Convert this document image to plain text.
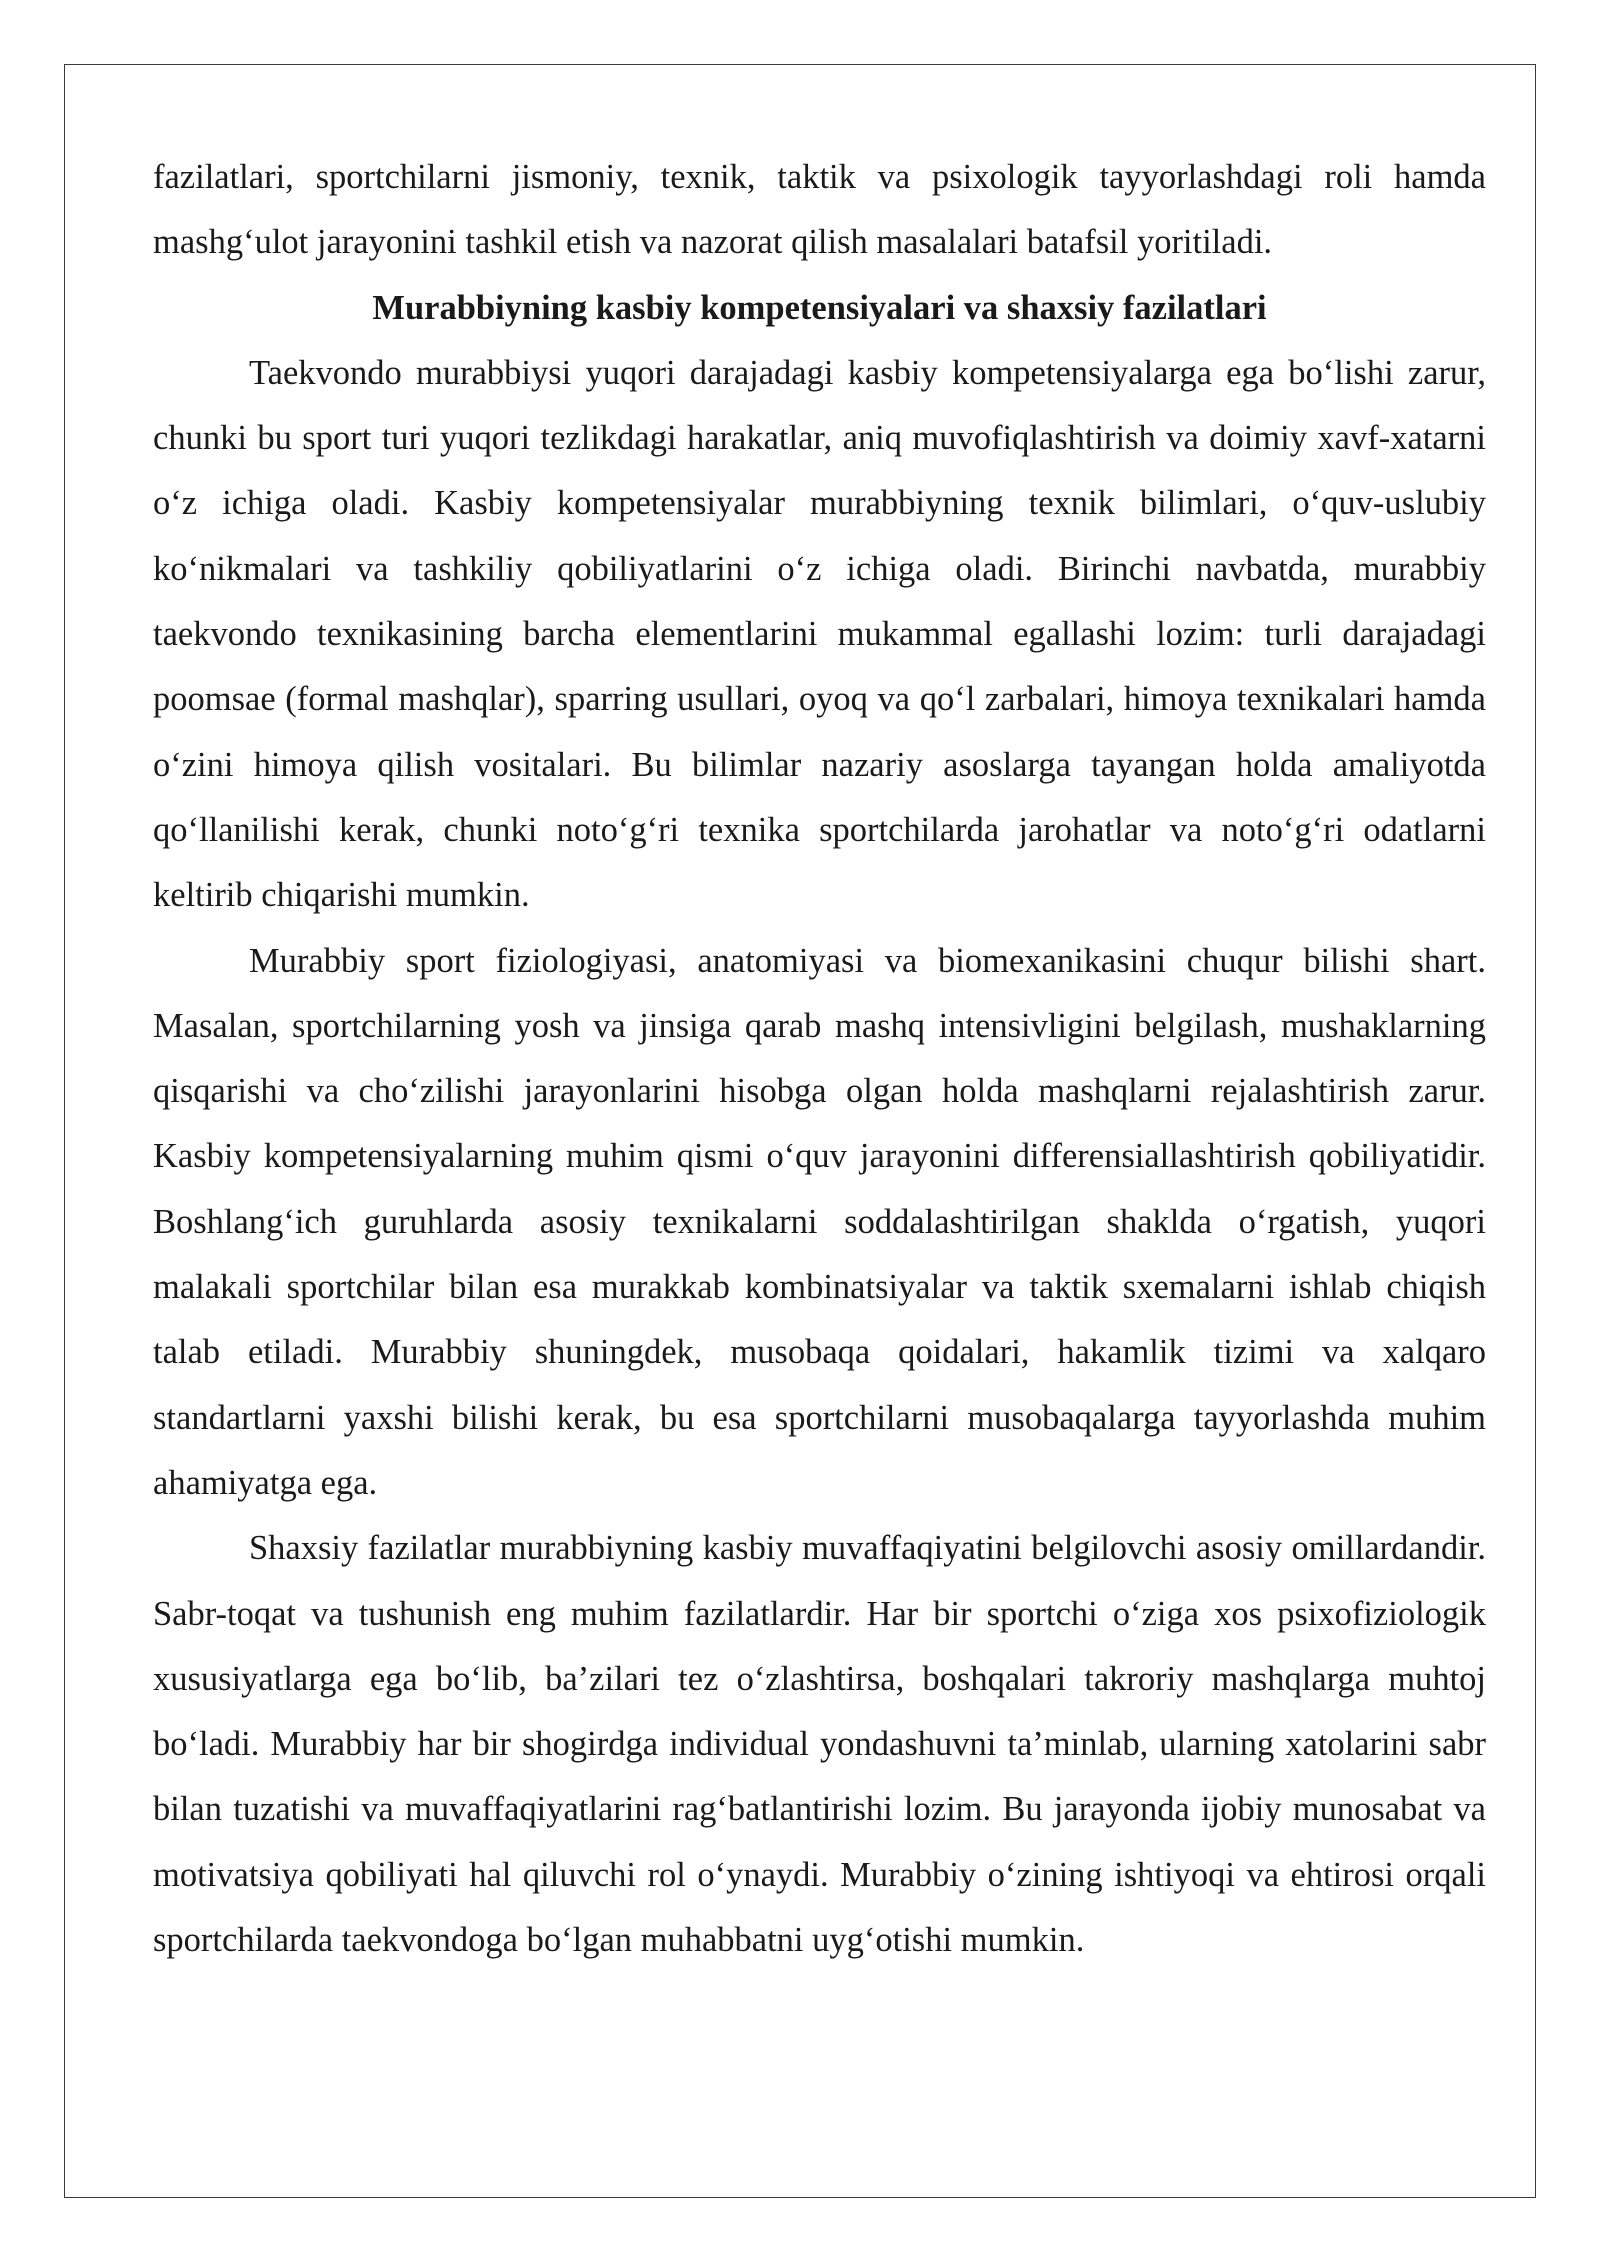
fazilatlari, sportchilarni jismoniy, texnik, taktik va psixologik tayyorlashdagi roli hamda mashg‘ulot jarayonini tashkil etish va nazorat qilish masalalari batafsil yoritiladi.

Murabbiyning kasbiy kompetensiyalari va shaxsiy fazilatlari

Taekvondo murabbiysi yuqori darajadagi kasbiy kompetensiyalarga ega bo‘lishi zarur, chunki bu sport turi yuqori tezlikdagi harakatlar, aniq muvofiqlashtirish va doimiy xavf-xatarni o‘z ichiga oladi. Kasbiy kompetensiyalar murabbiyning texnik bilimlari, o‘quv-uslubiy ko‘nikmalari va tashkiliy qobiliyatlarini o‘z ichiga oladi. Birinchi navbatda, murabbiy taekvondo texnikasining barcha elementlarini mukammal egallashi lozim: turli darajadagi poomsae (formal mashqlar), sparring usullari, oyoq va qo‘l zarbalari, himoya texnikalari hamda o‘zini himoya qilish vositalari. Bu bilimlar nazariy asoslarga tayangan holda amaliyotda qo‘llanilishi kerak, chunki noto‘g‘ri texnika sportchilarda jarohatlar va noto‘g‘ri odatlarni keltirib chiqarishi mumkin.

Murabbiy sport fiziologiyasi, anatomiyasi va biomexanikasini chuqur bilishi shart. Masalan, sportchilarning yosh va jinsiga qarab mashq intensivligini belgilash, mushaklarning qisqarishi va cho‘zilishi jarayonlarini hisobga olgan holda mashqlarni rejalashtirish zarur. Kasbiy kompetensiyalarning muhim qismi o‘quv jarayonini differensiallashtirish qobiliyatidir. Boshlang‘ich guruhlarda asosiy texnikalarni soddalashtirilgan shaklda o‘rgatish, yuqori malakali sportchilar bilan esa murakkab kombinatsiyalar va taktik sxemalarni ishlab chiqish talab etiladi. Murabbiy shuningdek, musobaqa qoidalari, hakamlik tizimi va xalqaro standartlarni yaxshi bilishi kerak, bu esa sportchilarni musobaqalarga tayyorlashda muhim ahamiyatga ega.

Shaxsiy fazilatlar murabbiyning kasbiy muvaffaqiyatini belgilovchi asosiy omillardandir. Sabr-toqat va tushunish eng muhim fazilatlardir. Har bir sportchi o‘ziga xos psixofiziologik xususiyatlarga ega bo‘lib, ba’zilari tez o‘zlashtirsa, boshqalari takroriy mashqlarga muhtoj bo‘ladi. Murabbiy har bir shogirdga individual yondashuvni ta’minlab, ularning xatolarini sabr bilan tuzatishi va muvaffaqiyatlarini rag‘batlantirishi lozim. Bu jarayonda ijobiy munosabat va motivatsiya qobiliyati hal qiluvchi rol o‘ynaydi. Murabbiy o‘zining ishtiyoqi va ehtirosi orqali sportchilarda taekvondoga bo‘lgan muhabbatni uyg‘otishi mumkin.
